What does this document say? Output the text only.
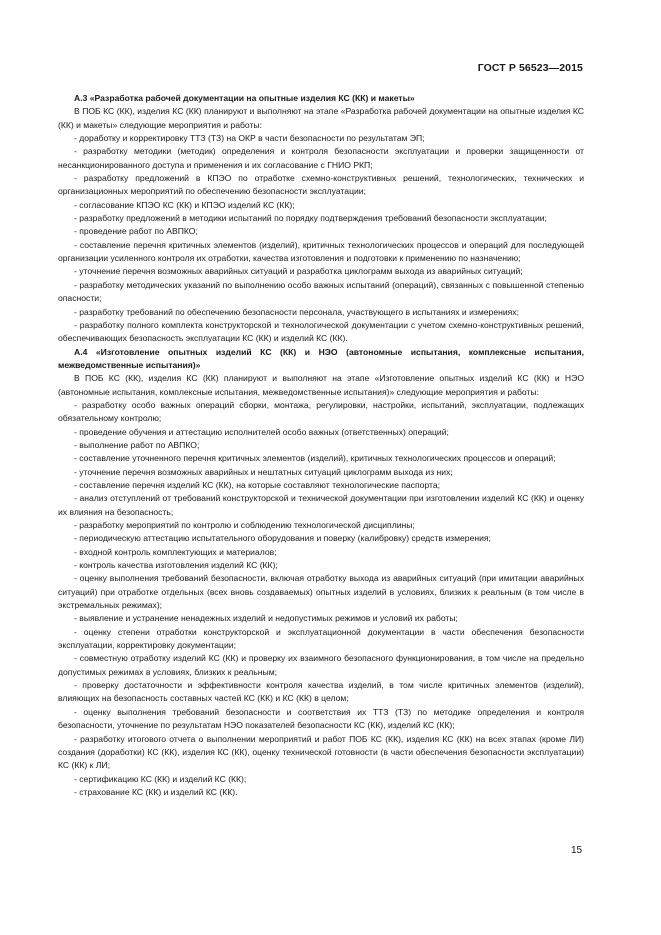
ГОСТ Р 56523—2015

А.3 «Разработка рабочей документации на опытные изделия КС (КК) и макеты»

В ПОБ КС (КК), изделия КС (КК) планируют и выполняют на этапе «Разработка рабочей документации на опытные изделия КС (КК) и макеты» следующие мероприятия и работы:

- доработку и корректировку ТТЗ (ТЗ) на ОКР в части безопасности по результатам ЭП;

- разработку методики (методик) определения и контроля безопасности эксплуатации и проверки защищенности от несанкционированного доступа и применения и их согласование с ГНИО РКП;

- разработку предложений в КПЭО по отработке схемно-конструктивных решений, технологических, технических и организационных мероприятий по обеспечению безопасности эксплуатации;

- согласование КПЭО КС (КК) и КПЭО изделий КС (КК);

- разработку предложений в методики испытаний по порядку подтверждения требований безопасности эксплуатации;

- проведение работ по АВПКО;

- составление перечня критичных элементов (изделий), критичных технологических процессов и операций для последующей организации усиленного контроля их отработки, качества изготовления и подготовки к применению по назначению;

- уточнение перечня возможных аварийных ситуаций и разработка циклограмм выхода из аварийных ситуаций;

- разработку методических указаний по выполнению особо важных испытаний (операций), связанных с повышенной степенью опасности;

- разработку требований по обеспечению безопасности персонала, участвующего в испытаниях и измерениях;

- разработку полного комплекта конструкторской и технологической документации с учетом схемно-конструктивных решений, обеспечивающих безопасность эксплуатации КС (КК) и изделий КС (КК).

А.4 «Изготовление опытных изделий КС (КК) и НЭО (автономные испытания, комплексные испытания, межведомственные испытания)»

В ПОБ КС (КК), изделия КС (КК) планируют и выполняют на этапе «Изготовление опытных изделий КС (КК) и НЭО (автономные испытания, комплексные испытания, межведомственные испытания)» следующие мероприятия и работы:

- разработку особо важных операций сборки, монтажа, регулировки, настройки, испытаний, эксплуатации, подлежащих обязательному контролю;

- проведение обучения и аттестацию исполнителей особо важных (ответственных) операций;

- выполнение работ по АВПКО;

- составление уточненного перечня критичных элементов (изделий), критичных технологических процессов и операций;

- уточнение перечня возможных аварийных и нештатных ситуаций циклограмм выхода из них;

- составление перечня изделий КС (КК), на которые составляют технологические паспорта;

- анализ отступлений от требований конструкторской и технической документации при изготовлении изделий КС (КК) и оценку их влияния на безопасность;

- разработку мероприятий по контролю и соблюдению технологической дисциплины;

- периодическую аттестацию испытательного оборудования и поверку (калибровку) средств измерения;

- входной контроль комплектующих и материалов;

- контроль качества изготовления изделий КС (КК);

- оценку выполнения требований безопасности, включая отработку выхода из аварийных ситуаций (при имитации аварийных ситуаций) при отработке отдельных (всех вновь создаваемых) опытных изделий в условиях, близких к реальным (в том числе в экстремальных режимах);

- выявление и устранение ненадежных изделий и недопустимых режимов и условий их работы;

- оценку степени отработки конструкторской и эксплуатационной документации в части обеспечения безопасности эксплуатации, корректировку документации;

- совместную отработку изделий КС (КК) и проверку их взаимного безопасного функционирования, в том числе на предельно допустимых режимах в условиях, близких к реальным;

- проверку достаточности и эффективности контроля качества изделий, в том числе критичных элементов (изделий), влияющих на безопасность составных частей КС (КК) и КС (КК) в целом;

- оценку выполнения требований безопасности и соответствия их ТТЗ (ТЗ) по методике определения и контроля безопасности, уточнение по результатам НЭО показателей безопасности КС (КК), изделий КС (КК);

- разработку итогового отчета о выполнении мероприятий и работ ПОБ КС (КК), изделия КС (КК) на всех этапах (кроме ЛИ) создания (доработки) КС (КК), изделия КС (КК), оценку технической готовности (в части обеспечения безопасности эксплуатации) КС (КК) к ЛИ;

- сертификацию КС (КК) и изделий КС (КК);

- страхование КС (КК) и изделий КС (КК).

15
